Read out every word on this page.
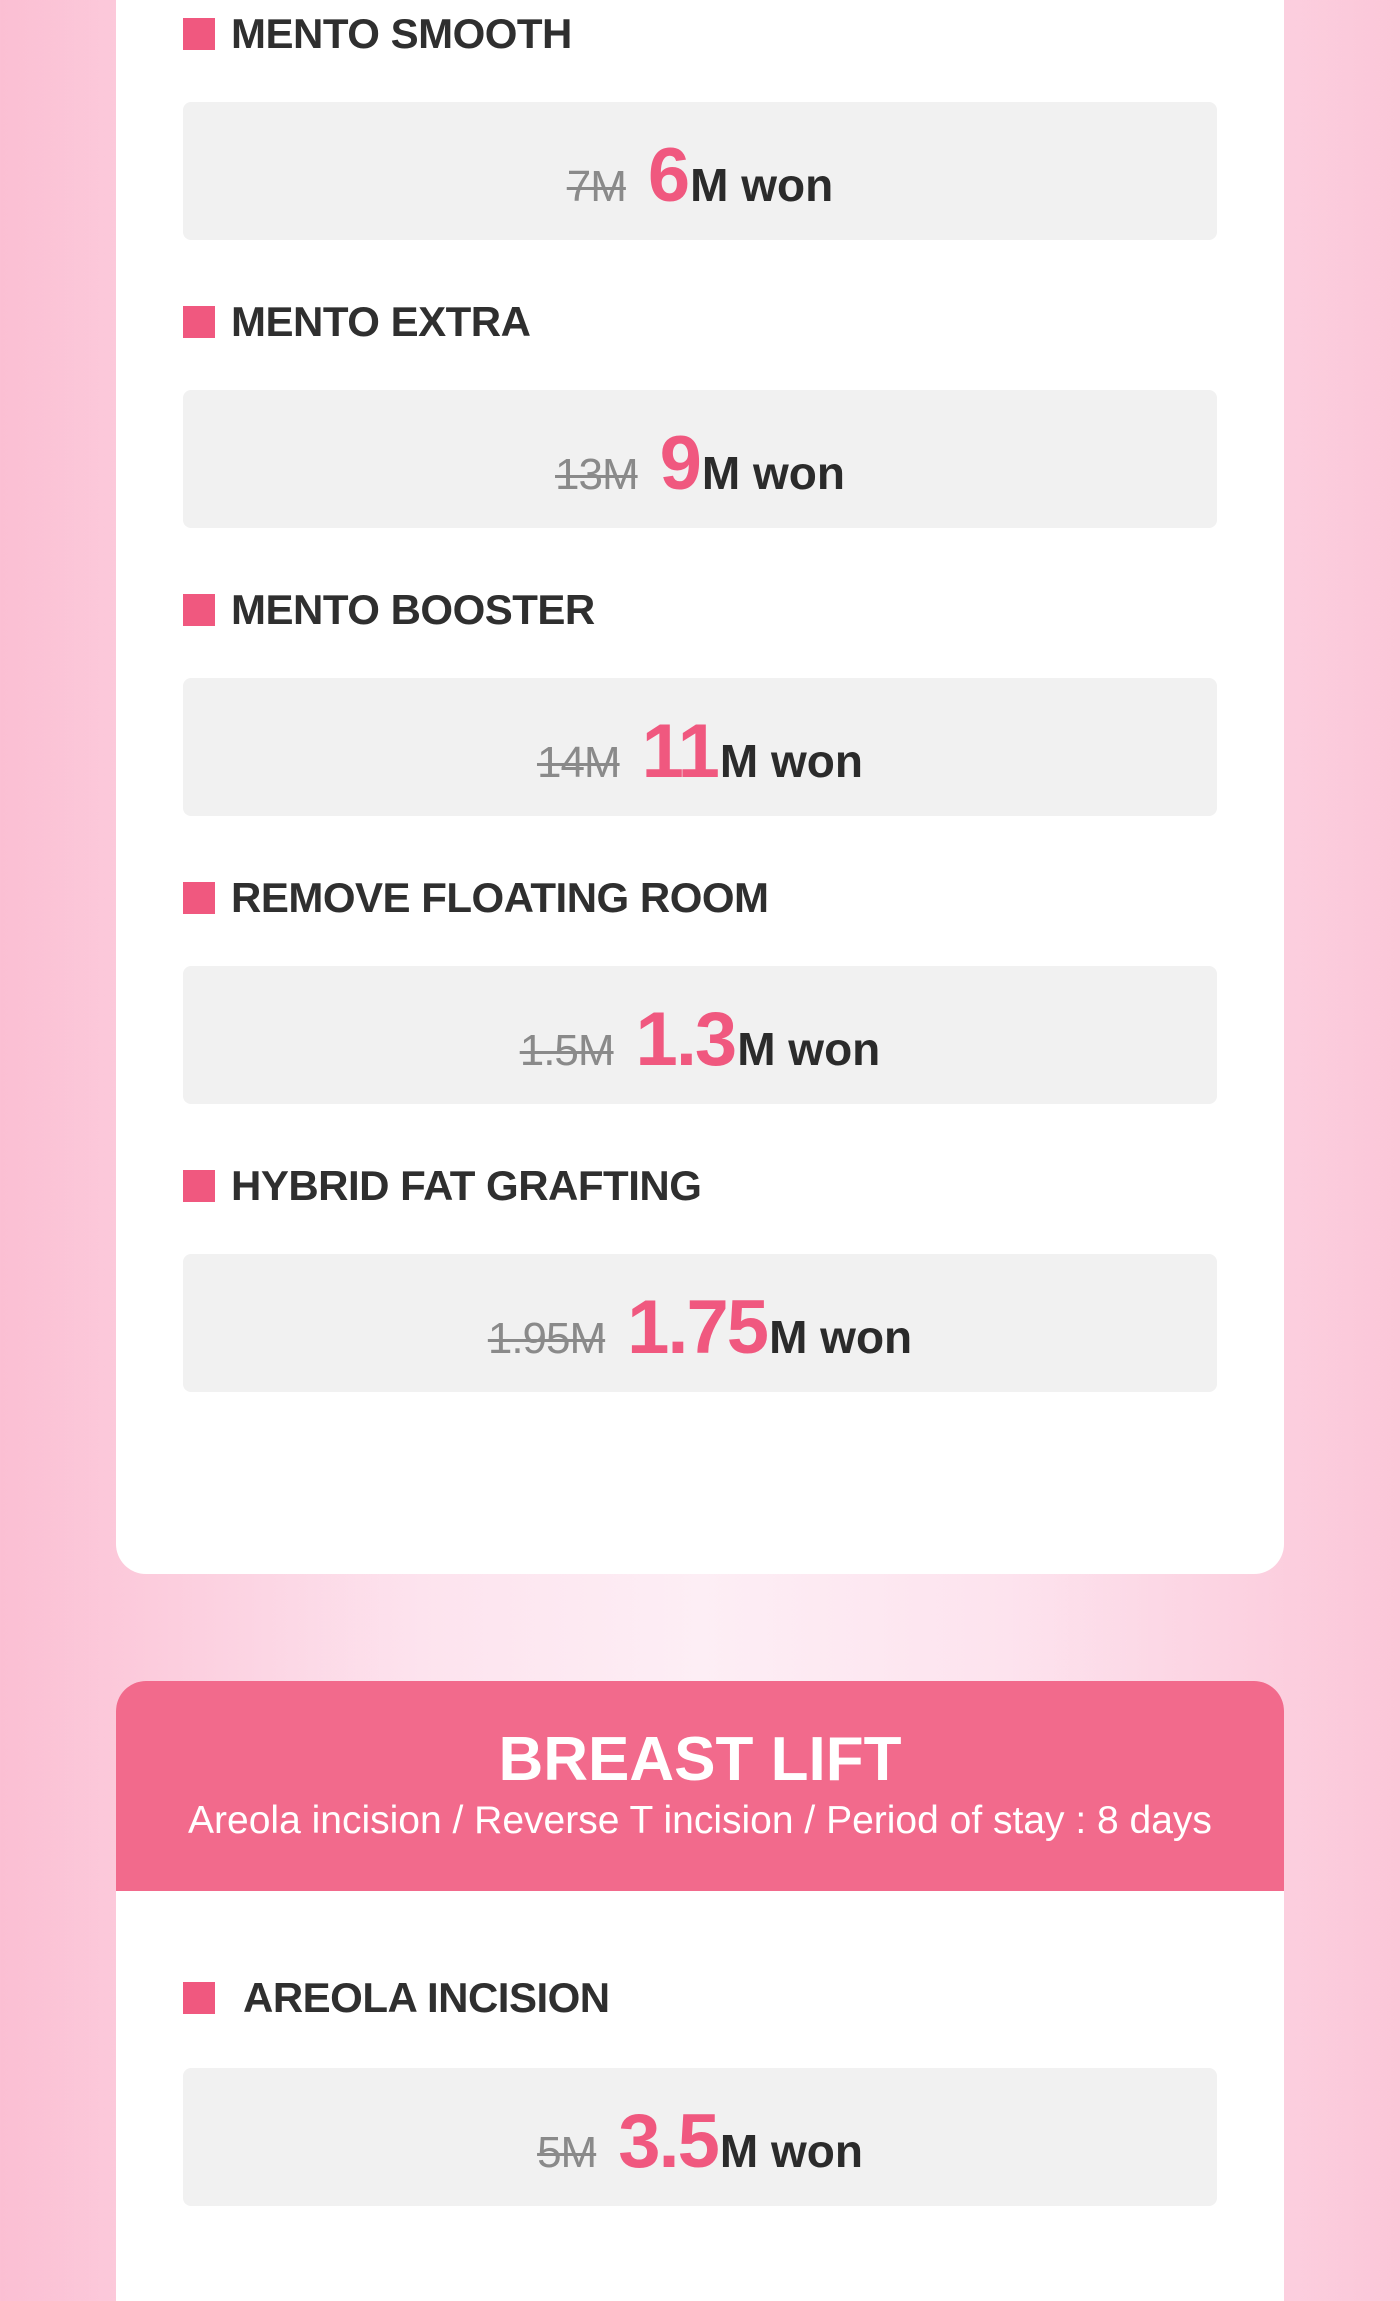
MENTO SMOOTH
7M 6 M won
MENTO EXTRA
13M 9 M won
MENTO BOOSTER
14M 11 M won
REMOVE FLOATING ROOM
1.5M 1.3 M won
HYBRID FAT GRAFTING
1.95M 1.75 M won
BREAST LIFT
Areola incision / Reverse T incision / Period of stay : 8 days
AREOLA INCISION
5M 3.5 M won
